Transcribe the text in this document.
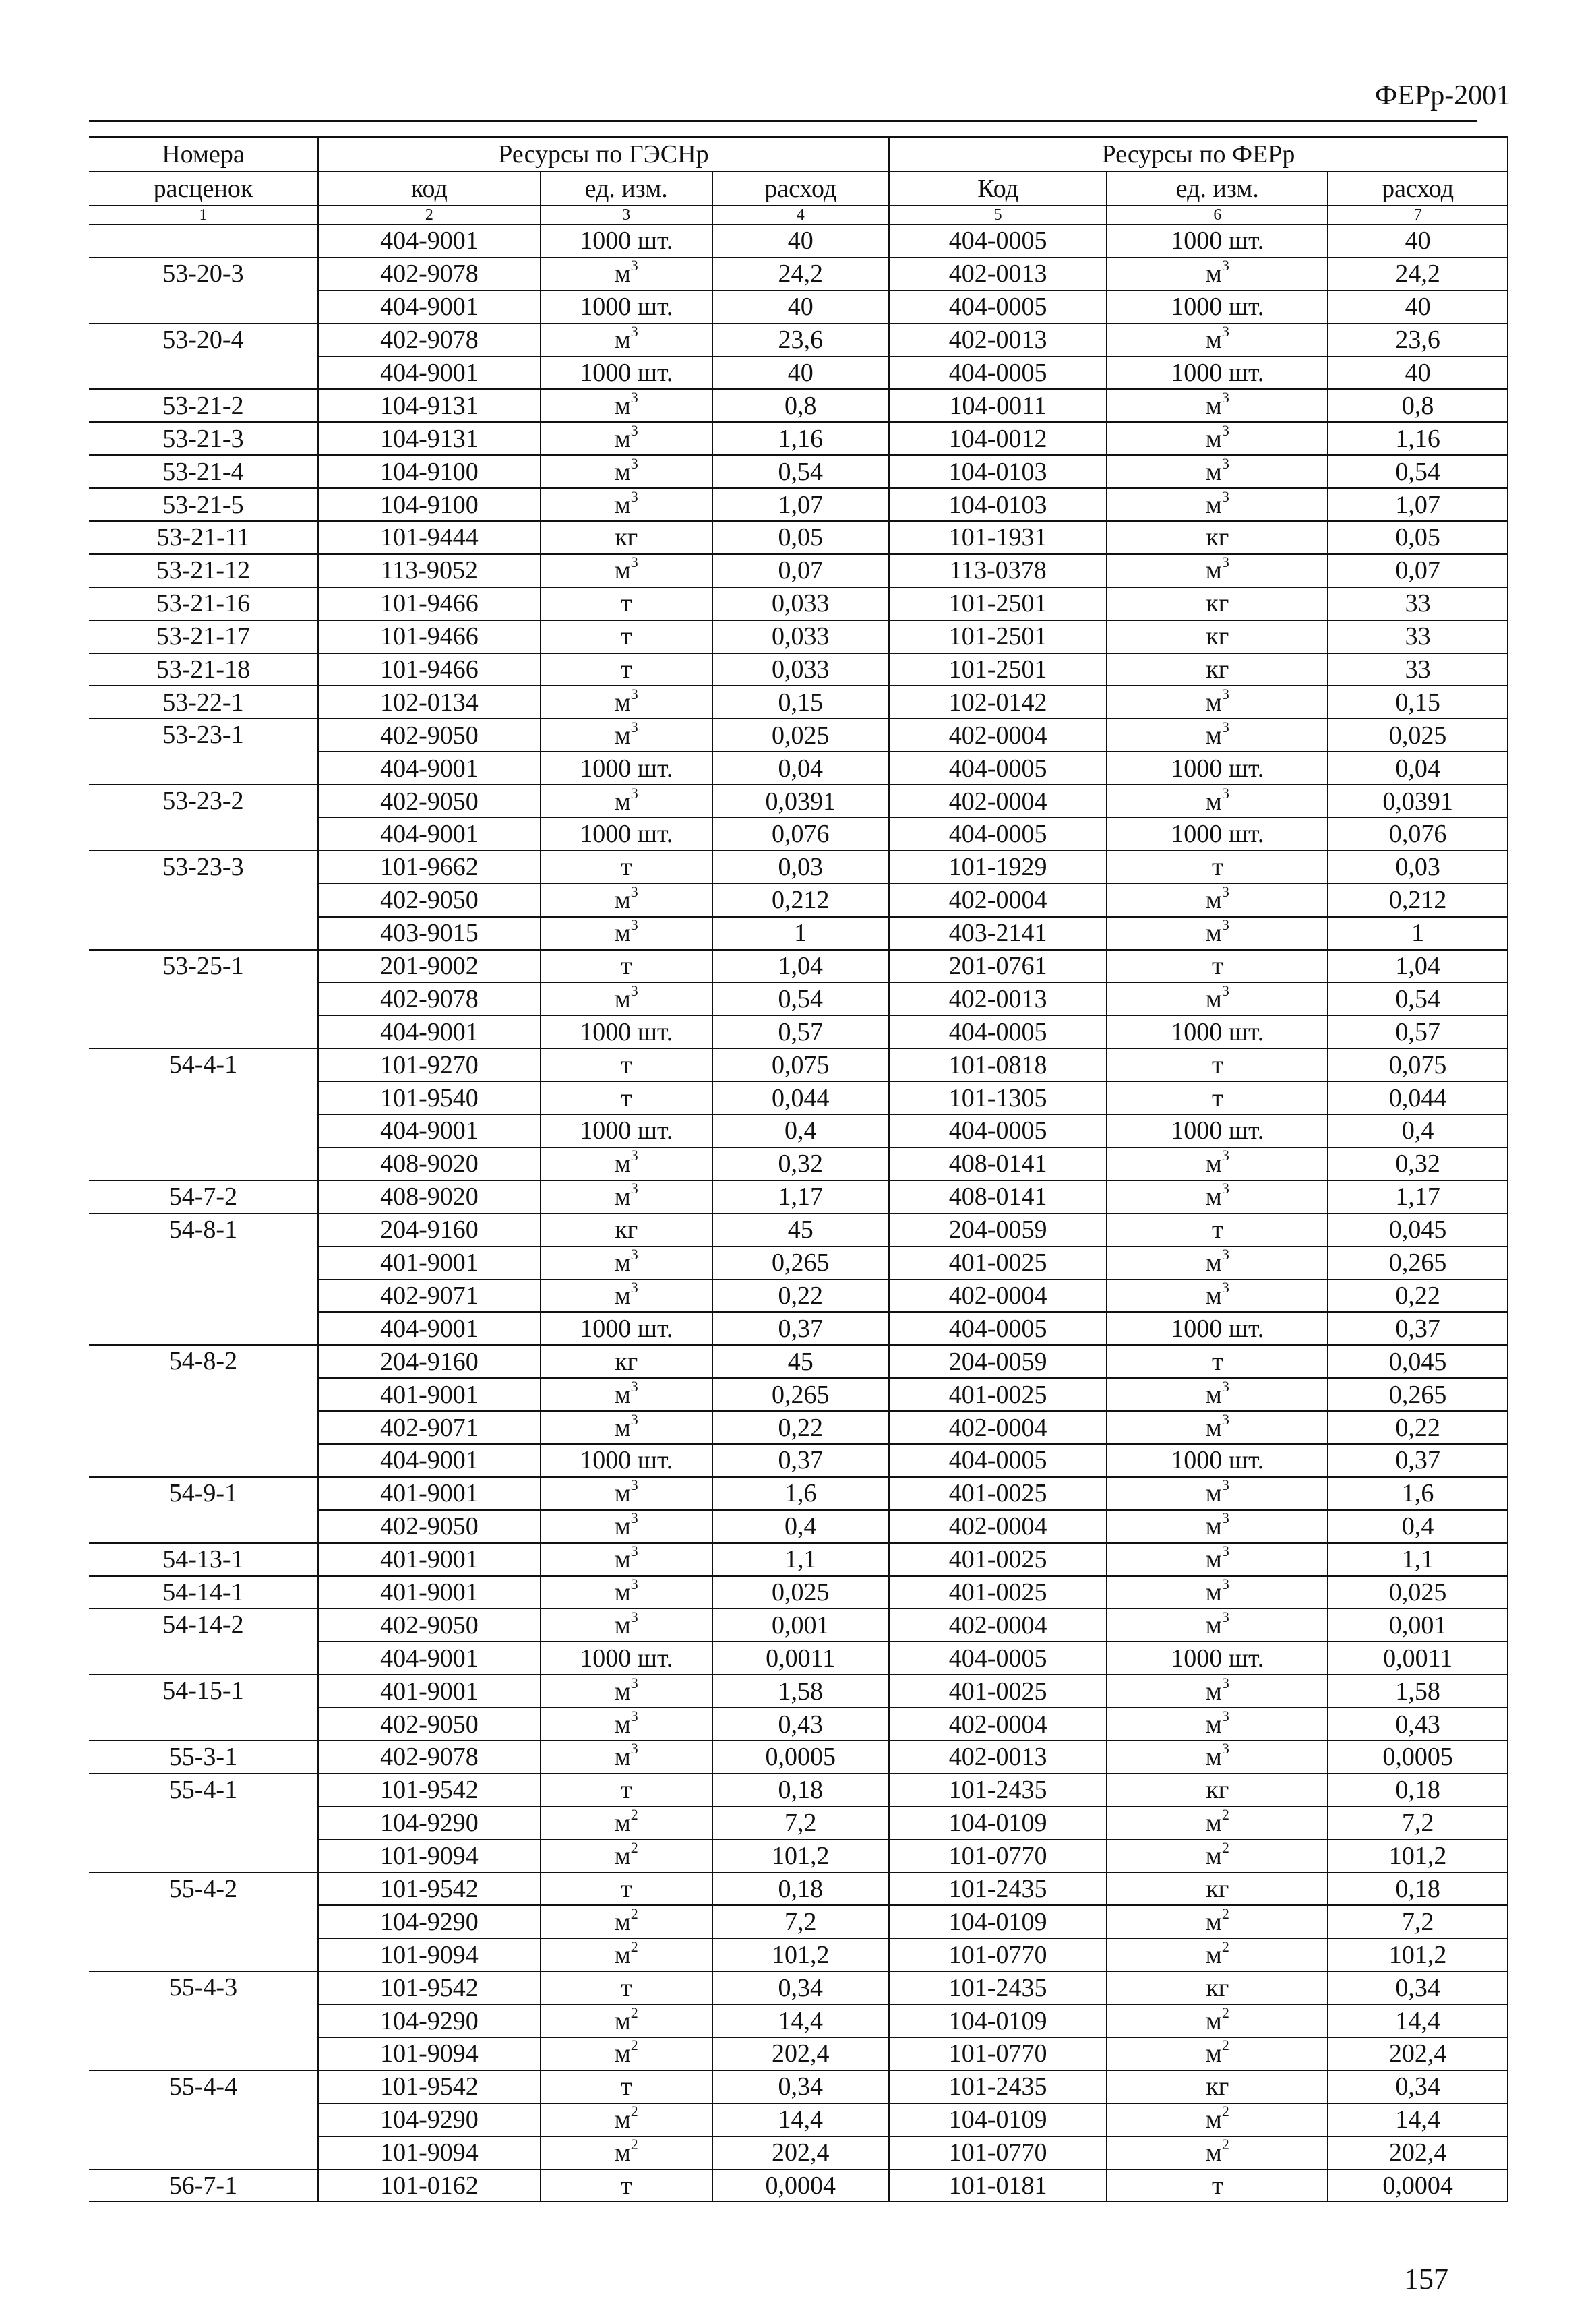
ФЕРр-2001
Номера	Ресурсы по ГЭСНр			Ресурсы по ФЕРр		
расценок	код	ед. изм.	расход	Код	ед. изм.	расход
1	2	3	4	5	6	7
	404-9001	1000 шт.	40	404-0005	1000 шт.	40
53-20-3	402-9078	$м^3$	24,2	402-0013	$м^3$	24,2
	404-9001	1000 шт.	40	404-0005	1000 шт.	40
53-20-4	402-9078	$м^3$	23,6	402-0013	$м^3$	23,6
	404-9001	1000 шт.	40	404-0005	1000 шт.	40
53-21-2	104-9131	$м^3$	0,8	104-0011	$м^3$	0,8
53-21-3	104-9131	$м^3$	1,16	104-0012	$м^3$	1,16
53-21-4	104-9100	$м^3$	0,54	104-0103	$м^3$	0,54
53-21-5	104-9100	$м^3$	1,07	104-0103	$м^3$	1,07
53-21-11	101-9444	кг	0,05	101-1931	кг	0,05
53-21-12	113-9052	$м^3$	0,07	113-0378	$м^3$	0,07
53-21-16	101-9466	т	0,033	101-2501	кг	33
53-21-17	101-9466	т	0,033	101-2501	кг	33
53-21-18	101-9466	т	0,033	101-2501	кг	33
53-22-1	102-0134	$м^3$	0,15	102-0142	$м^3$	0,15
53-23-1	402-9050	$м^3$	0,025	402-0004	$м^3$	0,025
	404-9001	1000 шт.	0,04	404-0005	1000 шт.	0,04
53-23-2	402-9050	$м^3$	0,0391	402-0004	$м^3$	0,0391
	404-9001	1000 шт.	0,076	404-0005	1000 шт.	0,076
53-23-3	101-9662	т	0,03	101-1929	т	0,03
	402-9050	$м^3$	0,212	402-0004	$м^3$	0,212
	403-9015	$м^3$	1	403-2141	$м^3$	1
53-25-1	201-9002	т	1,04	201-0761	т	1,04
	402-9078	$м^3$	0,54	402-0013	$м^3$	0,54
	404-9001	1000 шт.	0,57	404-0005	1000 шт.	0,57
54-4-1	101-9270	т	0,075	101-0818	т	0,075
	101-9540	т	0,044	101-1305	т	0,044
	404-9001	1000 шт.	0,4	404-0005	1000 шт.	0,4
	408-9020	$м^3$	0,32	408-0141	$м^3$	0,32
54-7-2	408-9020	$м^3$	1,17	408-0141	$м^3$	1,17
54-8-1	204-9160	кг	45	204-0059	т	0,045
	401-9001	$м^3$	0,265	401-0025	$м^3$	0,265
	402-9071	$м^3$	0,22	402-0004	$м^3$	0,22
	404-9001	1000 шт.	0,37	404-0005	1000 шт.	0,37
54-8-2	204-9160	кг	45	204-0059	т	0,045
	401-9001	$м^3$	0,265	401-0025	$м^3$	0,265
	402-9071	$м^3$	0,22	402-0004	$м^3$	0,22
	404-9001	1000 шт.	0,37	404-0005	1000 шт.	0,37
54-9-1	401-9001	$м^3$	1,6	401-0025	$м^3$	1,6
	402-9050	$м^3$	0,4	402-0004	$м^3$	0,4
54-13-1	401-9001	$м^3$	1,1	401-0025	$м^3$	1,1
54-14-1	401-9001	$м^3$	0,025	401-0025	$м^3$	0,025
54-14-2	402-9050	$м^3$	0,001	402-0004	$м^3$	0,001
	404-9001	1000 шт.	0,0011	404-0005	1000 шт.	0,0011
54-15-1	401-9001	$м^3$	1,58	401-0025	$м^3$	1,58
	402-9050	$м^3$	0,43	402-0004	$м^3$	0,43
55-3-1	402-9078	$м^3$	0,0005	402-0013	$м^3$	0,0005
55-4-1	101-9542	т	0,18	101-2435	кг	0,18
	104-9290	$м^2$	7,2	104-0109	$м^2$	7,2
	101-9094	$м^2$	101,2	101-0770	$м^2$	101,2
55-4-2	101-9542	т	0,18	101-2435	кг	0,18
	104-9290	$м^2$	7,2	104-0109	$м^2$	7,2
	101-9094	$м^2$	101,2	101-0770	$м^2$	101,2
55-4-3	101-9542	т	0,34	101-2435	кг	0,34
	104-9290	$м^2$	14,4	104-0109	$м^2$	14,4
	101-9094	$м^2$	202,4	101-0770	$м^2$	202,4
55-4-4	101-9542	т	0,34	101-2435	кг	0,34
	104-9290	$м^2$	14,4	104-0109	$м^2$	14,4
	101-9094	$м^2$	202,4	101-0770	$м^2$	202,4
56-7-1	101-0162	т	0,0004	101-0181	т	0,0004
157
